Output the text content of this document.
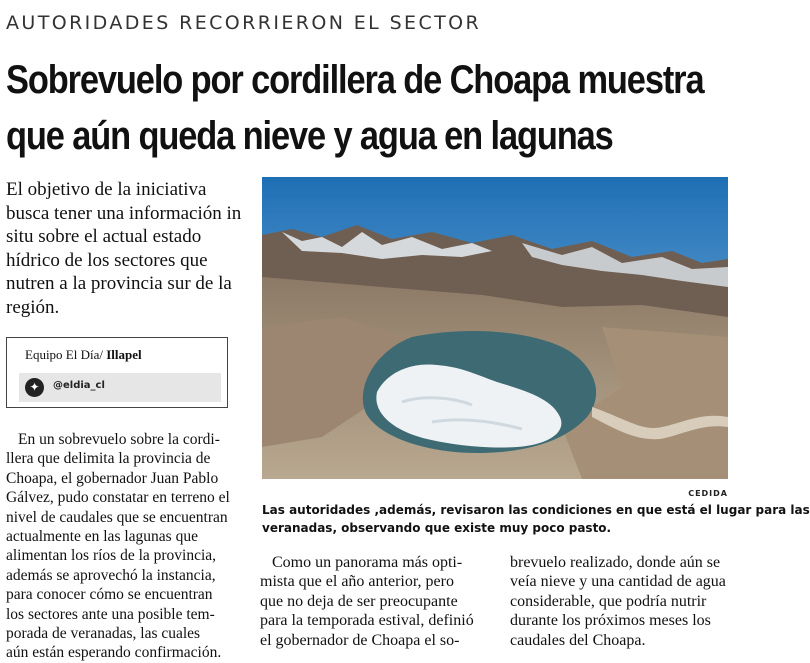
AUTORIDADES RECORRIERON EL SECTOR
Sobrevuelo por cordillera de Choapa muestra
que aún queda nieve y agua en lagunas

El objetivo de la iniciativa busca tener una información in situ sobre el actual estado hídrico de los sectores que nutren a la provincia sur de la región.

Equipo El Día/ Illapel
✦	@eldia_cl
CEDIDA

Las autoridades ,además, revisaron las condiciones en que está el lugar para las
veranadas, observando que existe muy poco pasto.

En un sobrevuelo sobre la cordi-
llera que delimita la provincia de
Choapa, el gobernador Juan Pablo
Gálvez, pudo constatar en terreno el
nivel de caudales que se encuentran
actualmente en las lagunas que
alimentan los ríos de la provincia,
además se aprovechó la instancia,
para conocer cómo se encuentran
los sectores ante una posible tem-
porada de veranadas, las cuales
aún están esperando confirmación.
Como un panorama más opti-
mista que el año anterior, pero
que no deja de ser preocupante
para la temporada estival, definió
el gobernador de Choapa el so-
brevuelo realizado, donde aún se
veía nieve y una cantidad de agua
considerable, que podría nutrir
durante los próximos meses los
caudales del Choapa.
